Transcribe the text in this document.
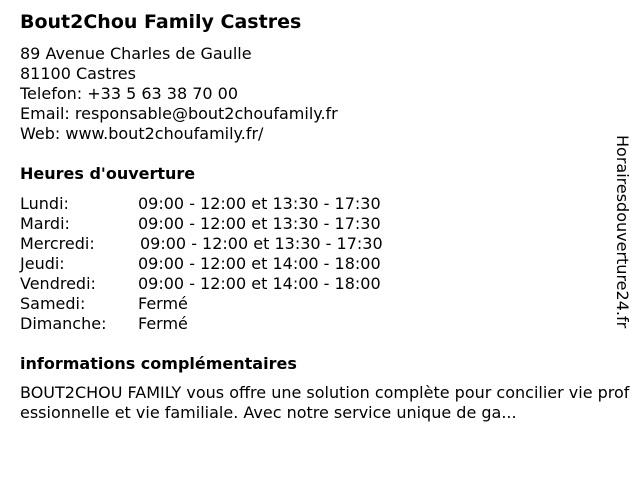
Bout2Chou Family Castres
89 Avenue Charles de Gaulle
81100 Castres
Telefon: +33 5 63 38 70 00
Email: responsable@bout2choufamily.fr
Web: www.bout2choufamily.fr/
Heures d'ouverture
Lundi:	09:00 - 12:00 et 13:30 - 17:30
Mardi:	09:00 - 12:00 et 13:30 - 17:30
Mercredi:	09:00 - 12:00 et 13:30 - 17:30
Jeudi:	09:00 - 12:00 et 14:00 - 18:00
Vendredi:	09:00 - 12:00 et 14:00 - 18:00
Samedi:	Fermé
Dimanche: Fermé
informations complémentaires
BOUT2CHOU FAMILY vous offre une solution complète pour concilier vie professionnelle et vie familiale. Avec notre service unique de ga...
Horairesdouverture24.fr
